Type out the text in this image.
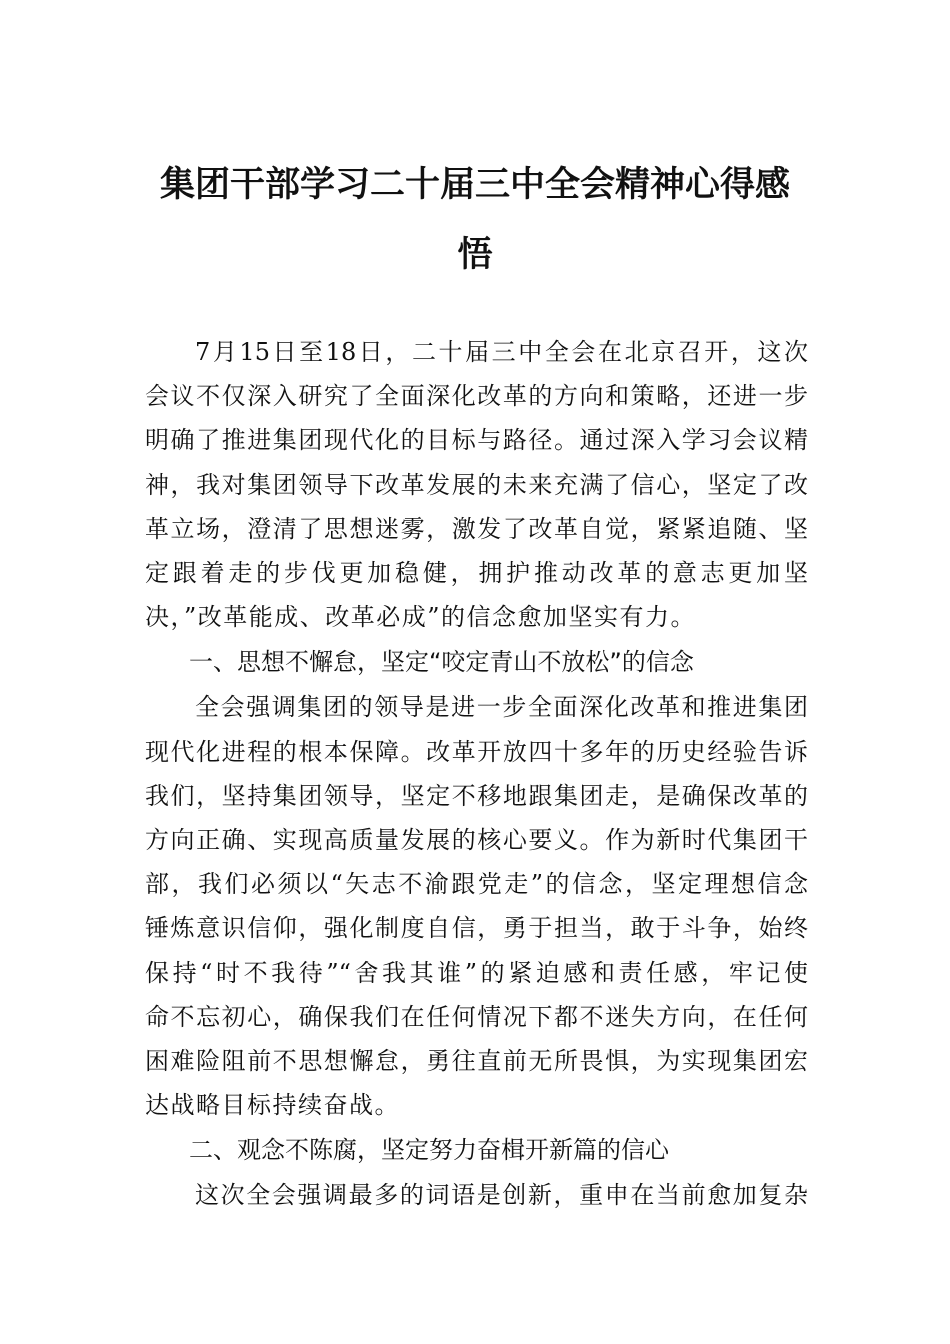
集团干部学习二十届三中全会精神心得感
悟
7月15日至18日，二十届三中全会在北京召开，这次
会议不仅深入研究了全面深化改革的方向和策略，还进一步
明确了推进集团现代化的目标与路径。通过深入学习会议精
神，我对集团领导下改革发展的未来充满了信心，坚定了改
革立场，澄清了思想迷雾，激发了改革自觉，紧紧追随、坚
定跟着走的步伐更加稳健，拥护推动改革的意志更加坚
决，”改革能成、改革必成”的信念愈加坚实有力。
一、思想不懈怠，坚定“咬定青山不放松”的信念
全会强调集团的领导是进一步全面深化改革和推进集团
现代化进程的根本保障。改革开放四十多年的历史经验告诉
我们，坚持集团领导，坚定不移地跟集团走，是确保改革的
方向正确、实现高质量发展的核心要义。作为新时代集团干
部，我们必须以“矢志不渝跟党走”的信念，坚定理想信念
锤炼意识信仰，强化制度自信，勇于担当，敢于斗争，始终
保持“时不我待”“舍我其谁”的紧迫感和责任感，牢记使
命不忘初心，确保我们在任何情况下都不迷失方向，在任何
困难险阻前不思想懈怠，勇往直前无所畏惧，为实现集团宏
达战略目标持续奋战。
二、观念不陈腐，坚定努力奋楫开新篇的信心
这次全会强调最多的词语是创新，重申在当前愈加复杂
